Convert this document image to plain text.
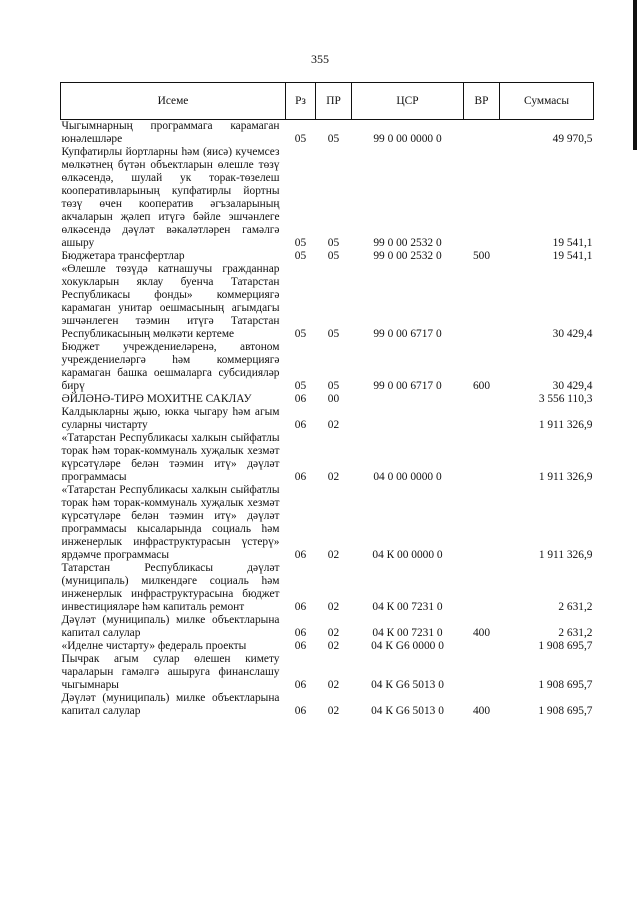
355
Исеме	Рз	ПР	ЦСР	ВР	Суммасы
Чыгымнарның программага карамаган юнәлешләре	05	05	99 0 00 0000 0		49 970,5
Купфатирлы йортларны һәм (яисә) кучемсез мөлкәтнең бүтән объектларын өлешле төзү өлкәсендә, шулай ук торак-төзелеш кооперативларының купфатирлы йортны төзү өчен кооператив әгъзаларының акчаларын җәлеп итүгә бәйле эшчәнлеге өлкәсендә дәүләт вәкаләтләрен гамәлгә ашыру	05	05	99 0 00 2532 0		19 541,1
Бюджетара трансфертлар	05	05	99 0 00 2532 0	500	19 541,1
«Өлешле төзүдә катнашучы гражданнар хокукларын яклау буенча Татарстан Республикасы фонды» коммерциягә карамаган унитар оешмасының агымдагы эшчәнлеген тәэмин итүгә Татарстан Республикасының мөлкәти кертеме	05	05	99 0 00 6717 0		30 429,4
Бюджет учреждениеләренә, автоном учреждениеләргә һәм коммерциягә карамаган башка оешмаларга субсидияләр бирү	05	05	99 0 00 6717 0	600	30 429,4
ӘЙЛӘНӘ-ТИРӘ МОХИТНЕ САКЛАУ	06	00			3 556 110,3
Калдыкларны җыю, юкка чыгару һәм агым суларны чистарту	06	02			1 911 326,9
«Татарстан Республикасы халкын сыйфатлы торак һәм торак-коммуналь хуҗалык хезмәт күрсәтүләре белән тәэмин итү» дәүләт программасы	06	02	04 0 00 0000 0		1 911 326,9
«Татарстан Республикасы халкын сыйфатлы торак һәм торак-коммуналь хуҗалык хезмәт күрсәтүләре белән тәэмин итү» дәүләт программасы кысаларында социаль һәм инженерлык инфраструктурасын үстерү» ярдәмче программасы	06	02	04 К 00 0000 0		1 911 326,9
Татарстан Республикасы дәүләт (муниципаль) милкендәге социаль һәм инженерлык инфраструктурасына бюджет инвестицияләре һәм капиталь ремонт	06	02	04 К 00 7231 0		2 631,2
Дәүләт (муниципаль) милке объектларына капитал салулар	06	02	04 К 00 7231 0	400	2 631,2
«Иделне чистарту» федераль проекты	06	02	04 К G6 0000 0		1 908 695,7
Пычрак агым сулар өлешен кимету чараларын гамәлгә ашыруга финанслашу чыгымнары	06	02	04 К G6 5013 0		1 908 695,7
Дәүләт (муниципаль) милке объектларына капитал салулар	06	02	04 К G6 5013 0	400	1 908 695,7
